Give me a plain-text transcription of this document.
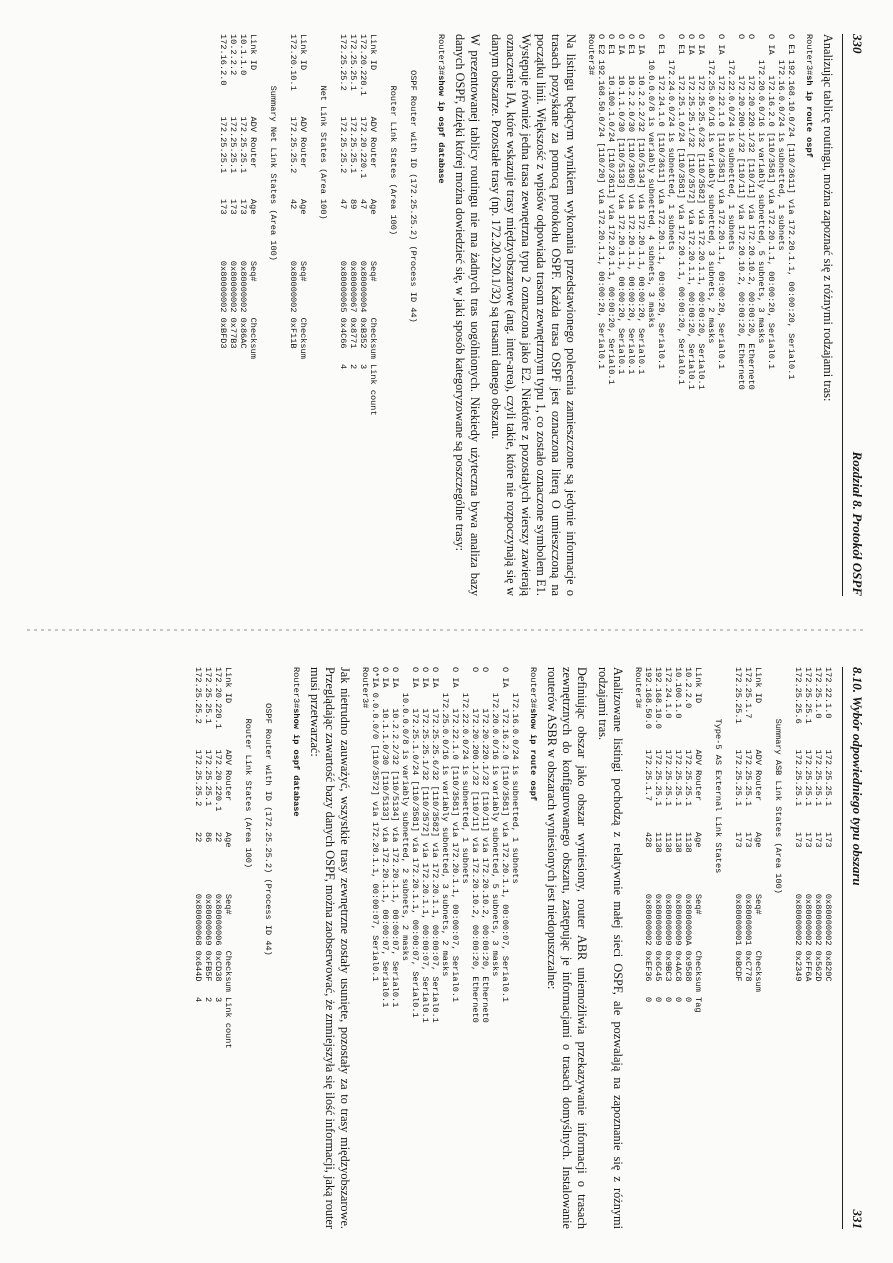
330
Rozdział 8. Protokół OSPF

Analizując tablicę routingu, można zapoznać się z różnymi rodzajami tras:

Router3#sh ip route ospf
O E1 192.168.10.0/24 [110/3611] via 172.20.1.1, 00:00:20, Serial0.1
172.16.0.0/24 is subnetted, 1 subnets
O IA    172.16.2.0 [110/3581] via 172.20.1.1, 00:00:20, Serial0.1
172.20.0.0/16 is variably subnetted, 5 subnets, 3 masks
O       172.20.220.1/32 [110/11] via 172.20.10.2, 00:00:20, Ethernet0
O       172.20.200.1/32 [110/11] via 172.20.10.2, 00:00:20, Ethernet0
172.22.0.0/24 is subnetted, 1 subnets
O IA    172.22.1.0 [110/3581] via 172.20.1.1, 00:00:20, Serial0.1
172.25.0.0/16 is variably subnetted, 3 subnets, 2 masks
O IA    172.25.25.6/32 [110/3582] via 172.20.1.1, 00:00:20, Serial0.1
O IA    172.25.25.1/32 [110/3572] via 172.20.1.1, 00:00:20, Serial0.1
O E1    172.25.1.0/24 [110/3581] via 172.20.1.1, 00:00:20, Serial0.1
172.24.0.0/24 is subnetted, 1 subnets
O E1    172.24.1.0 [110/3611] via 172.20.1.1, 00:00:20, Serial0.1
10.0.0.0/8 is variably subnetted, 4 subnets, 3 masks
O IA    10.2.2.2/32 [110/5134] via 172.20.1.1, 00:00:20, Serial0.1
O E1    10.2.2.0/30 [110/3606] via 172.20.1.1, 00:00:20, Serial0.1
O IA    10.1.1.0/30 [110/5133] via 172.20.1.1, 00:00:20, Serial0.1
O E1    10.100.1.0/24 [110/3611] via 172.20.1.1, 00:00:20, Serial0.1
O E2 192.168.50.0/24 [110/20] via 172.20.1.1, 00:00:20, Serial0.1
Router3#

Na listingu będącym wynikiem wykonania przedstawionego polecenia zamieszczone są jedynie informacje o trasach pozyskane za pomocą protokołu OSPF. Każda trasa OSPF jest oznaczona literą O umieszczoną na początku linii. Większość z wpisów odpowiada trasom zewnętrznym typu 1, co zostało oznaczone symbolem E1. Występuje również jedna trasa zewnętrzna typu 2 oznaczona jako E2. Niektóre z pozostałych wierszy zawierają oznaczenie IA, które wskazuje trasy międzyobszarowe (ang. inter-area), czyli takie, które nie rozpoczynają się w danym obszarze. Pozostałe trasy (np. 172.20.220.1/32) są trasami danego obszaru.

W prezentowanej tablicy routingu nie ma żadnych tras uogólnionych. Niekiedy użyteczna bywa analiza bazy danych OSPF, dzięki której można dowiedzieć się, w jaki sposób kategoryzowane są poszczególne trasy:

Router3#show ip ospf database

OSPF Router with ID (172.25.25.2) (Process ID 44)

Router Link States (Area 100)

Link ID         ADV Router      Age         Seq#       Checksum Link count
172.20.220.1    172.20.220.1    47          0x80000004 0xB352   3
172.25.25.1     172.25.25.1     89          0x80000067 0x8771   2
172.25.25.2     172.25.25.2     47          0x80000065 0x4C66   4

Net Link States (Area 100)

Link ID         ADV Router      Age         Seq#       Checksum
172.20.10.1     172.25.25.2     42          0x80000002 0xF11B

Summary Net Link States (Area 100)

Link ID         ADV Router      Age         Seq#       Checksum
10.1.1.0        172.25.25.1     173         0x80000002 0x86AC
10.2.2.2        172.25.25.1     173         0x80000002 0x77B3
172.16.2.0      172.25.25.1     173         0x80000002 0xBFD3
8.10. Wybór odpowiedniego typu obszaru
331
172.22.1.0      172.25.25.1     173         0x80000002 0x820C
172.25.1.0      172.25.25.1     173         0x80000002 0x562D
172.25.25.1     172.25.25.1     173         0x80000002 0xFF6A
172.25.25.6     172.25.25.1     173         0x80000002 0x2349

Summary ASB Link States (Area 100)

Link ID         ADV Router      Age         Seq#       Checksum
172.25.1.7      172.25.25.1     173         0x80000001 0xC778
172.25.25.1     172.25.25.1     173         0x80000001 0xBCDF

Type-5 AS External Link States

Link ID         ADV Router      Age         Seq#       Checksum Tag
10.2.2.0        172.25.25.1     1138        0x8000000A 0x9588   0
10.100.1.0      172.25.25.1     1138        0x80000009 0x4AC8   0
172.24.1.0      172.25.25.1     1138        0x80000009 0x9BC3   0
192.168.10.0    172.25.25.1     1138        0x80000009 0x6C45   0
192.168.50.0    172.25.1.7      428         0x80000002 0xEF36   0
Router3#

Analizowane listingi pochodzą z relatywnie małej sieci OSPF, ale pozwalają na zapoznanie się z różnymi rodzajami tras.

Definiując obszar jako obszar wyniesiony, router ABR uniemożliwia przekazywanie informacji o trasach zewnętrznych do konfigurowanego obszaru, zastępując je informacjami o trasach domyślnych. Instalowanie routerów ASBR w obszarach wyniesionych jest niedopuszczalne:

Router3#show ip route ospf
172.16.0.0/24 is subnetted, 1 subnets
O IA    172.16.2.0 [110/3581] via 172.20.1.1, 00:00:07, Serial0.1
172.20.0.0/16 is variably subnetted, 5 subnets, 3 masks
O       172.20.220.1/32 [110/11] via 172.20.10.2, 00:00:20, Ethernet0
O       172.20.200.1/32 [110/11] via 172.20.10.2, 00:00:20, Ethernet0
172.22.0.0/24 is subnetted, 1 subnets
O IA    172.22.1.0 [110/3581] via 172.20.1.1, 00:00:07, Serial0.1
172.25.0.0/16 is variably subnetted, 3 subnets, 2 masks
O IA    172.25.25.6/32 [110/3582] via 172.20.1.1, 00:00:07, Serial0.1
O IA    172.25.25.1/32 [110/3572] via 172.20.1.1, 00:00:07, Serial0.1
O IA    172.25.1.0/24 [110/3581] via 172.20.1.1, 00:00:07, Serial0.1
10.0.0.0/8 is variably subnetted, 2 subnets, 2 masks
O IA    10.2.2.2/32 [110/5134] via 172.20.1.1, 00:00:07, Serial0.1
O IA    10.1.1.0/30 [110/5133] via 172.20.1.1, 00:00:07, Serial0.1
O*IA 0.0.0.0/0 [110/3572] via 172.20.1.1, 00:00:07, Serial0.1
Router3#

Jak nietrudno zauważyć, wszystkie trasy zewnętrzne zostały usunięte, pozostały za to trasy międzyobszarowe. Przeglądając zawartość bazy danych OSPF, można zaobserwować, że zmniejszyła się ilość informacji, jaką router musi przetwarzać:

Router3#show ip ospf database

OSPF Router with ID (172.25.25.2) (Process ID 44)

Router Link States (Area 100)

Link ID         ADV Router      Age         Seq#       Checksum Link count
172.20.220.1    172.20.220.1    22          0x80000006 0xCD38   3
172.25.25.1     172.25.25.1     86          0x80000069 0xFB5F   2
172.25.25.2     172.25.25.2     22          0x80000068 0x644D   4
